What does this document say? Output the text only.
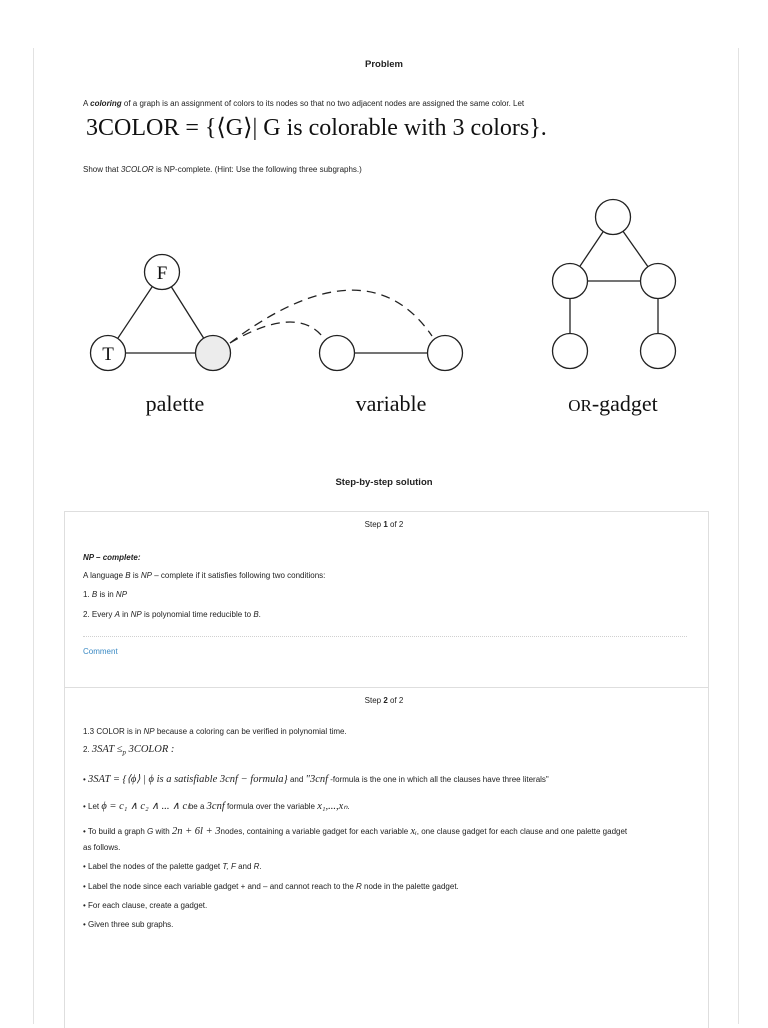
Problem
A coloring of a graph is an assignment of colors to its nodes so that no two adjacent nodes are assigned the same color. Let
3COLOR = {⟨G⟩| G is colorable with 3 colors}.
Show that 3COLOR is NP-complete. (Hint: Use the following three subgraphs.)
F
T
palette	variable	OR-gadget
Step-by-step solution
Step 1 of 2
NP – complete:
A language B is NP – complete if it satisfies following two conditions:
1. B is in NP
2. Every A in NP is polynomial time reducible to B.
Comment
Step 2 of 2
1.3 COLOR is in NP because a coloring can be verified in polynomial time.
2. $3SAT \le_p$ 3COLOR :
• 3SAT = {⟨ϕ⟩ | ϕ is a satisfiable 3cnf − formula} and "3cnf -formula is the one in which all the clauses have three literals"
• Let ϕ = c₁ ∧ c₂ ∧ ... ∧ cₗbe a 3cnf formula over the variable x₁,...,xₙ.
• To build a graph G with 2n + 6l + 3nodes, containing a variable gadget for each variable xᵢ, one clause gadget for each clause and one palette gadget
as follows.
• Label the nodes of the palette gadget T, F and R.
• Label the node since each variable gadget + and – and cannot reach to the R node in the palette gadget.
• For each clause, create a gadget.
• Given three sub graphs.
